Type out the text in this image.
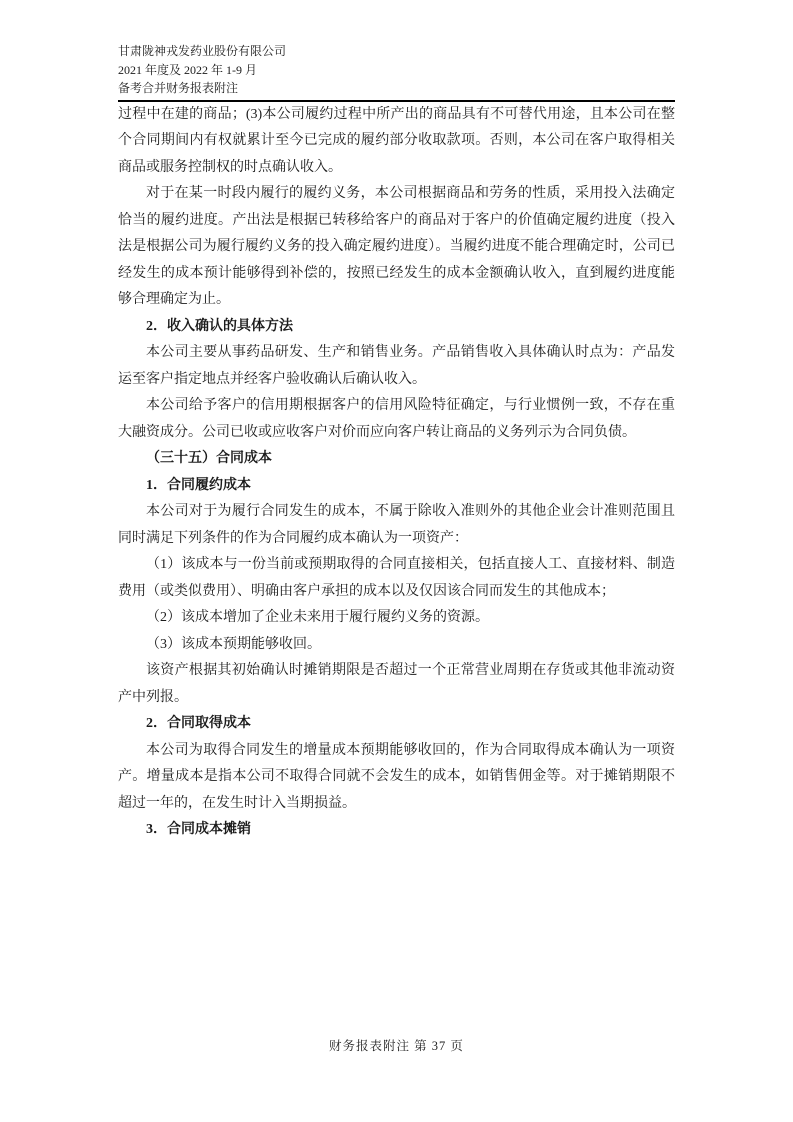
甘肃陇神戎发药业股份有限公司
2021 年度及 2022 年 1-9 月
备考合并财务报表附注

过程中在建的商品；(3)本公司履约过程中所产出的商品具有不可替代用途，且本公司在整个合同期间内有权就累计至今已完成的履约部分收取款项。否则，本公司在客户取得相关商品或服务控制权的时点确认收入。

对于在某一时段内履行的履约义务，本公司根据商品和劳务的性质，采用投入法确定恰当的履约进度。产出法是根据已转移给客户的商品对于客户的价值确定履约进度（投入法是根据公司为履行履约义务的投入确定履约进度）。当履约进度不能合理确定时，公司已经发生的成本预计能够得到补偿的，按照已经发生的成本金额确认收入，直到履约进度能够合理确定为止。

2．收入确认的具体方法

本公司主要从事药品研发、生产和销售业务。产品销售收入具体确认时点为：产品发运至客户指定地点并经客户验收确认后确认收入。

本公司给予客户的信用期根据客户的信用风险特征确定，与行业惯例一致，不存在重大融资成分。公司已收或应收客户对价而应向客户转让商品的义务列示为合同负债。

（三十五）合同成本
1．合同履约成本

本公司对于为履行合同发生的成本，不属于除收入准则外的其他企业会计准则范围且同时满足下列条件的作为合同履约成本确认为一项资产：

（1）该成本与一份当前或预期取得的合同直接相关，包括直接人工、直接材料、制造费用（或类似费用）、明确由客户承担的成本以及仅因该合同而发生的其他成本；

（2）该成本增加了企业未来用于履行履约义务的资源。

（3）该成本预期能够收回。

该资产根据其初始确认时摊销期限是否超过一个正常营业周期在存货或其他非流动资产中列报。

2．合同取得成本

本公司为取得合同发生的增量成本预期能够收回的，作为合同取得成本确认为一项资产。增量成本是指本公司不取得合同就不会发生的成本，如销售佣金等。对于摊销期限不超过一年的，在发生时计入当期损益。

3．合同成本摊销
财务报表附注 第 37 页
